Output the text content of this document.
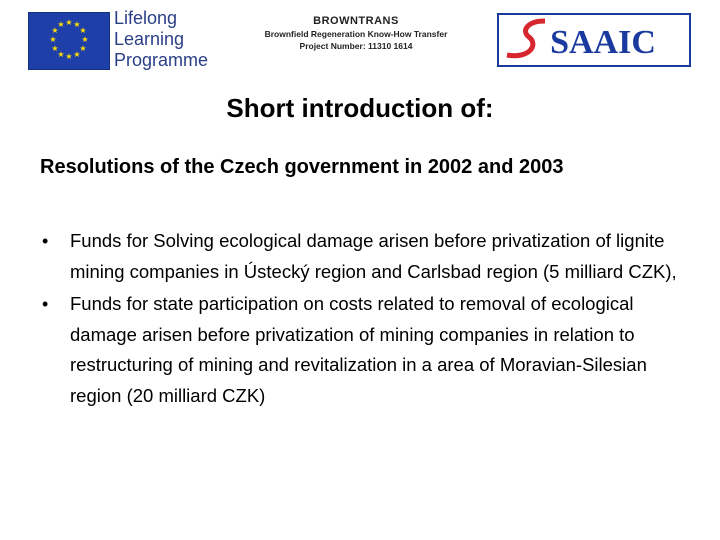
★ ★
★
★
★
★
★
★
★
★
★
★	Lifelong
Learning
Programme
BROWNTRANS
Brownfield Regeneration Know-How Transfer
Project Number: 11310 1614	SAAIC
Short introduction of:
Resolutions of the Czech government in 2002 and 2003
• Funds for Solving ecological damage arisen before privatization of lignite mining companies in Ústecký region and Carlsbad region (5 milliard CZK),
• Funds for state participation on costs related to removal of ecological damage arisen before privatization of mining companies in relation to restructuring of mining and revitalization in a area of Moravian-Silesian region (20 milliard CZK)
